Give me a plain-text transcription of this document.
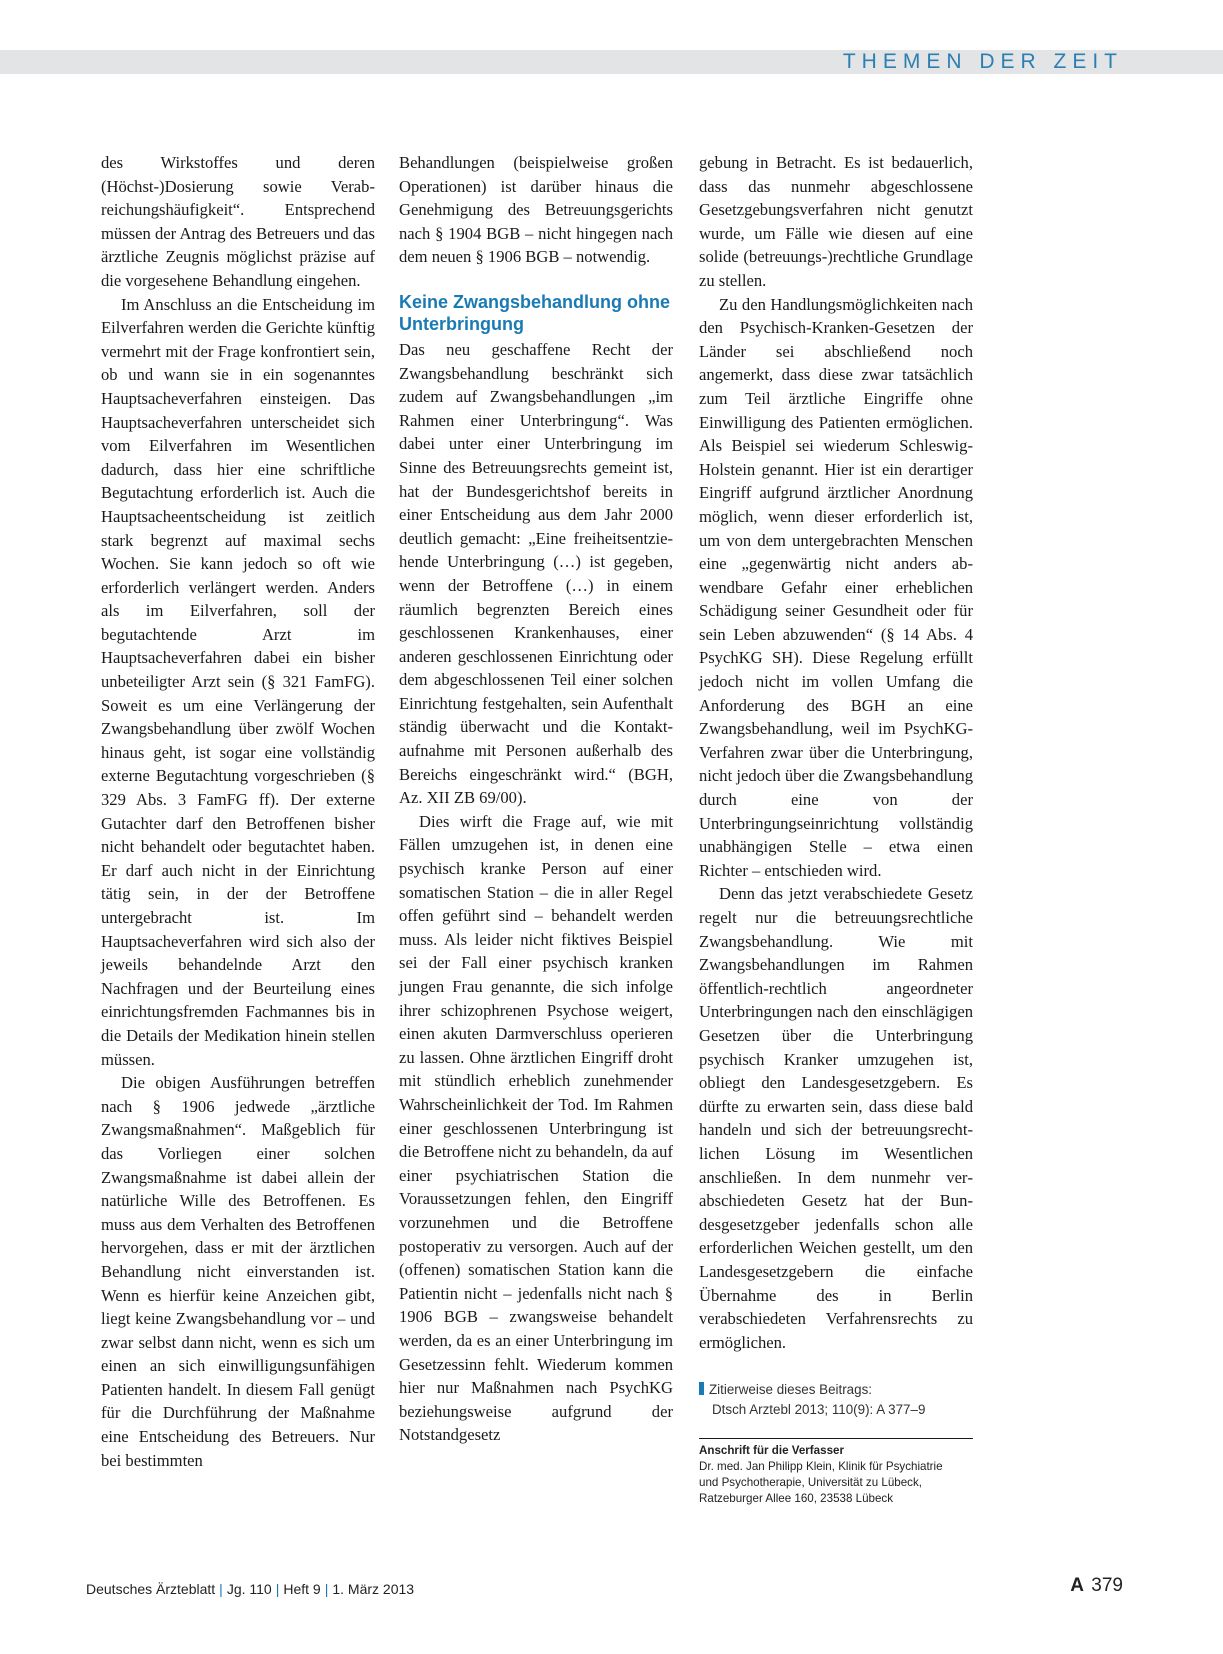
THEMEN DER ZEIT

des Wirkstoffes und deren (Höchst-)Dosierung sowie Verabreichungshäufigkeit“. Entsprechend müssen der Antrag des Betreuers und das ärztliche Zeugnis möglichst präzise auf die vorgesehene Behandlung eingehen.

Im Anschluss an die Entscheidung im Eilverfahren werden die Gerichte künftig vermehrt mit der Frage konfrontiert sein, ob und wann sie in ein sogenanntes Hauptsacheverfahren einsteigen. Das Hauptsacheverfahren unterscheidet sich vom Eilverfahren im Wesentlichen dadurch, dass hier eine schriftliche Begutachtung erforderlich ist. Auch die Hauptsacheentscheidung ist zeitlich stark begrenzt auf maximal sechs Wochen. Sie kann jedoch so oft wie erforderlich verlängert werden. Anders als im Eilverfahren, soll der begutachtende Arzt im Hauptsacheverfahren dabei ein bisher unbeteiligter Arzt sein (§ 321 FamFG). Soweit es um eine Verlängerung der Zwangsbehandlung über zwölf Wochen hinaus geht, ist sogar eine vollständig externe Begutachtung vorgeschrieben (§ 329 Abs. 3 FamFG ff). Der externe Gutachter darf den Betroffenen bisher nicht behandelt oder begutachtet haben. Er darf auch nicht in der Einrichtung tätig sein, in der der Betroffene untergebracht ist. Im Hauptsacheverfahren wird sich also der jeweils behandelnde Arzt den Nachfragen und der Beurteilung eines einrichtungsfremden Fachmannes bis in die Details der Medikation hinein stellen müssen.

Die obigen Ausführungen betreffen nach § 1906 jedwede „ärztliche Zwangsmaßnahmen“. Maßgeblich für das Vorliegen einer solchen Zwangsmaßnahme ist dabei allein der natürliche Wille des Betroffenen. Es muss aus dem Verhalten des Betroffenen hervorgehen, dass er mit der ärztlichen Behandlung nicht einverstanden ist. Wenn es hierfür keine Anzeichen gibt, liegt keine Zwangsbehandlung vor – und zwar selbst dann nicht, wenn es sich um einen an sich einwilligungsunfähigen Patienten handelt. In diesem Fall genügt für die Durchführung der Maßnahme eine Entscheidung des Betreuers. Nur bei bestimmten

Behandlungen (beispielweise großen Operationen) ist darüber hinaus die Genehmigung des Betreuungsgerichts nach § 1904 BGB – nicht hingegen nach dem neuen § 1906 BGB – notwendig.

Keine Zwangsbehandlung ohne Unterbringung

Das neu geschaffene Recht der Zwangsbehandlung beschränkt sich zudem auf Zwangsbehandlungen „im Rahmen einer Unterbringung“. Was dabei unter einer Unterbringung im Sinne des Betreuungsrechts gemeint ist, hat der Bundesgerichtshof bereits in einer Entscheidung aus dem Jahr 2000 deutlich gemacht: „Eine freiheitsentziehende Unterbringung (…) ist gegeben, wenn der Betroffene (…) in einem räumlich begrenzten Bereich eines geschlossenen Krankenhauses, einer anderen geschlossenen Einrichtung oder dem abgeschlossenen Teil einer solchen Einrichtung festgehalten, sein Aufenthalt ständig überwacht und die Kontaktaufnahme mit Personen außerhalb des Bereichs eingeschränkt wird.“ (BGH, Az. XII ZB 69/00).

Dies wirft die Frage auf, wie mit Fällen umzugehen ist, in denen eine psychisch kranke Person auf einer somatischen Station – die in aller Regel offen geführt sind – behandelt werden muss. Als leider nicht fiktives Beispiel sei der Fall einer psychisch kranken jungen Frau genannte, die sich infolge ihrer schizophrenen Psychose weigert, einen akuten Darmverschluss operieren zu lassen. Ohne ärztlichen Eingriff droht mit stündlich erheblich zunehmender Wahrscheinlichkeit der Tod. Im Rahmen einer geschlossenen Unterbringung ist die Betroffene nicht zu behandeln, da auf einer psychiatrischen Station die Voraussetzungen fehlen, den Eingriff vorzunehmen und die Betroffene postoperativ zu versorgen. Auch auf der (offenen) somatischen Station kann die Patientin nicht – jedenfalls nicht nach § 1906 BGB – zwangsweise behandelt werden, da es an einer Unterbringung im Gesetzessinn fehlt. Wiederum kommen hier nur Maßnahmen nach PsychKG beziehungsweise aufgrund der Notstandgesetz

gebung in Betracht. Es ist bedauerlich, dass das nunmehr abgeschlossene Gesetzgebungsverfahren nicht genutzt wurde, um Fälle wie diesen auf eine solide (betreuungs-)rechtliche Grundlage zu stellen.

Zu den Handlungsmöglichkeiten nach den Psychisch-Kranken-Gesetzen der Länder sei abschließend noch angemerkt, dass diese zwar tatsächlich zum Teil ärztliche Eingriffe ohne Einwilligung des Patienten ermöglichen. Als Beispiel sei wiederum Schleswig-Holstein genannt. Hier ist ein derartiger Eingriff aufgrund ärztlicher Anordnung möglich, wenn dieser erforderlich ist, um von dem untergebrachten Menschen eine „gegenwärtig nicht anders abwendbare Gefahr einer erheblichen Schädigung seiner Gesundheit oder für sein Leben abzuwenden“ (§ 14 Abs. 4 PsychKG SH). Diese Regelung erfüllt jedoch nicht im vollen Umfang die Anforderung des BGH an eine Zwangsbehandlung, weil im PsychKG-Verfahren zwar über die Unterbringung, nicht jedoch über die Zwangsbehandlung durch eine von der Unterbringungseinrichtung vollständig unabhängigen Stelle – etwa einen Richter – entschieden wird.

Denn das jetzt verabschiedete Gesetz regelt nur die betreuungsrechtliche Zwangsbehandlung. Wie mit Zwangsbehandlungen im Rahmen öffentlich-rechtlich angeordneter Unterbringungen nach den einschlägigen Gesetzen über die Unterbringung psychisch Kranker umzugehen ist, obliegt den Landesgesetzgebern. Es dürfte zu erwarten sein, dass diese bald handeln und sich der betreuungsrechtlichen Lösung im Wesentlichen anschließen. In dem nunmehr verabschiedeten Gesetz hat der Bundesgesetzgeber jedenfalls schon alle erforderlichen Weichen gestellt, um den Landesgesetzgebern die einfache Übernahme des in Berlin verabschiedeten Verfahrensrechts zu ermöglichen.

Zitierweise dieses Beitrags:
Dtsch Arztebl 2013; 110(9): A 377–9
Anschrift für die Verfasser
Dr. med. Jan Philipp Klein, Klinik für Psychiatrie
und Psychotherapie, Universität zu Lübeck,
Ratzeburger Allee 160, 23538 Lübeck
Deutsches Ärzteblatt | Jg. 110 | Heft 9 | 1. März 2013	A 379
